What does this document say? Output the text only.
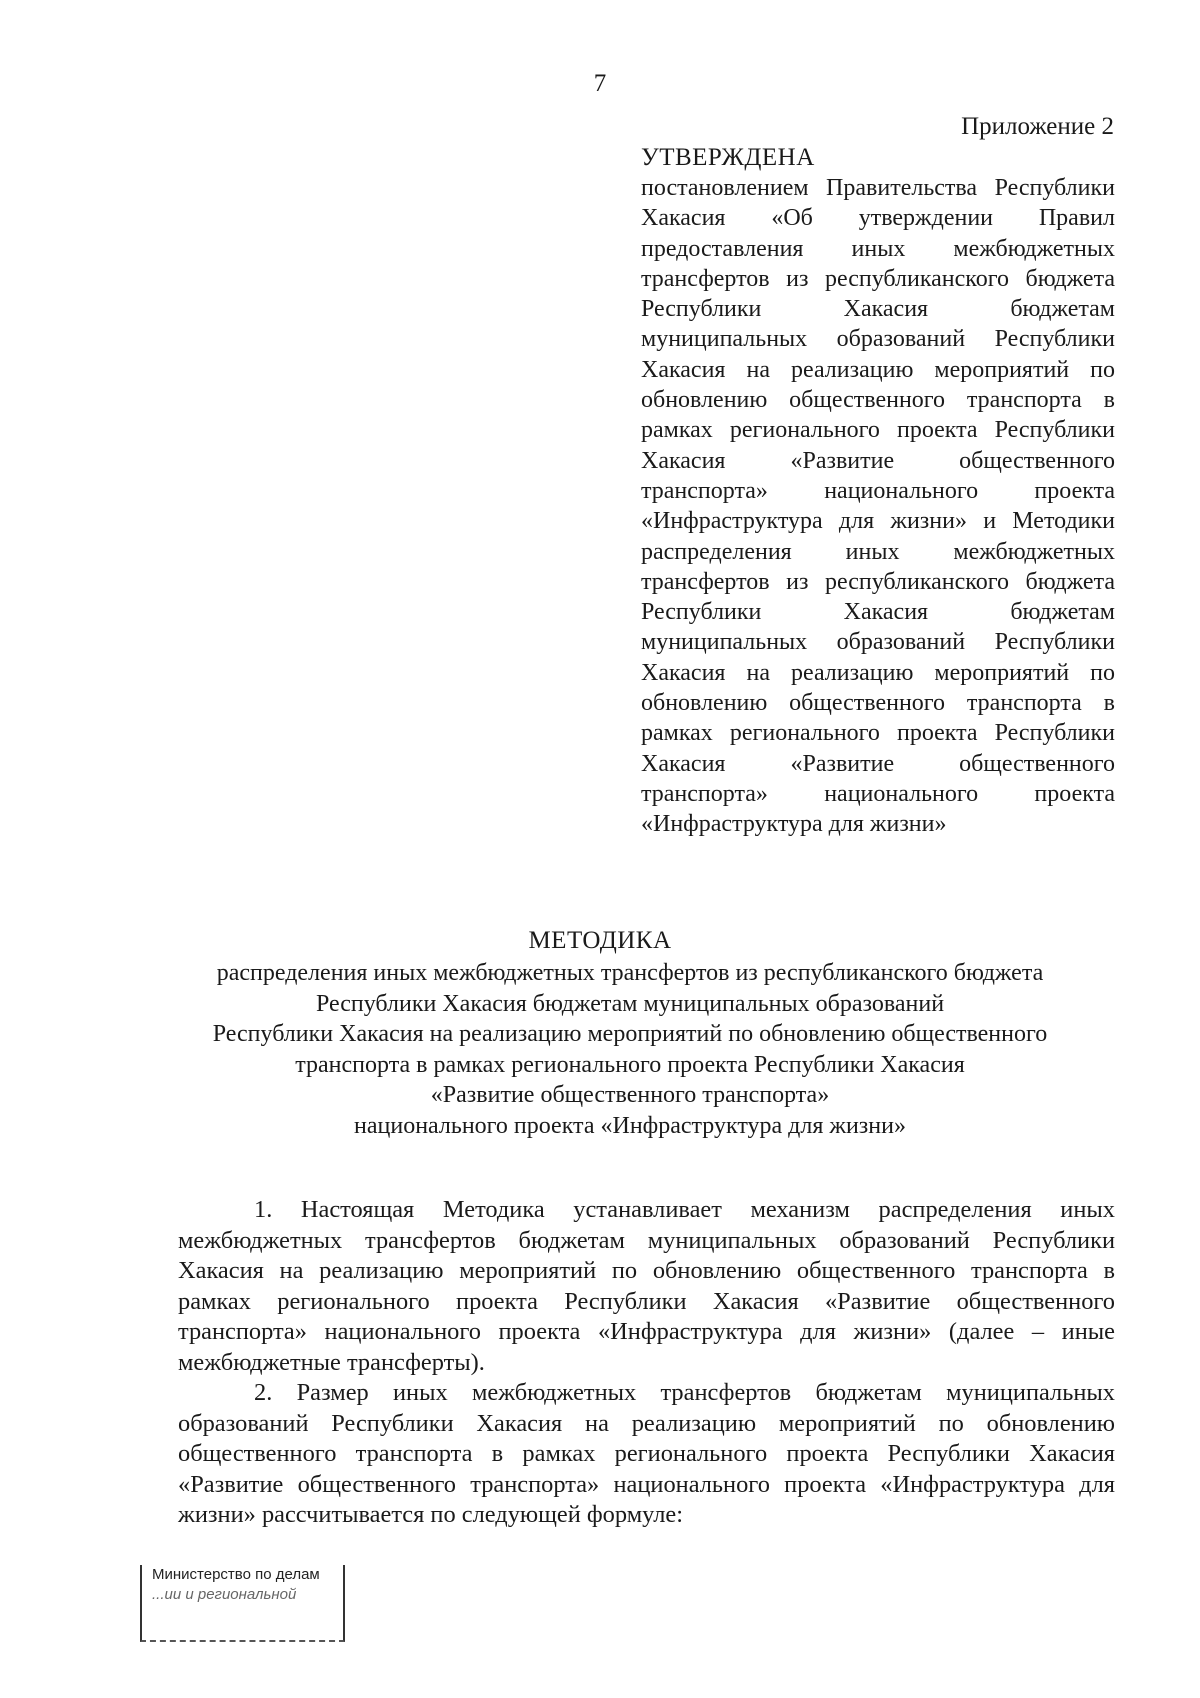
7
Приложение 2
УТВЕРЖДЕНА
постановлением Правительства Республики Хакасия «Об утверждении Правил предоставления иных межбюджетных трансфертов из республиканского бюджета Республики Хакасия бюджетам муниципальных образований Республики Хакасия на реализацию мероприятий по обновлению общественного транспорта в рамках регионального проекта Республики Хакасия «Развитие общественного транспорта» национального проекта «Инфраструктура для жизни» и Методики распределения иных межбюджетных трансфертов из республиканского бюджета Республики Хакасия бюджетам муниципальных образований Республики Хакасия на реализацию мероприятий по обновлению общественного транспорта в рамках регионального проекта Республики Хакасия «Развитие общественного транспорта» национального проекта «Инфраструктура для жизни»
МЕТОДИКА
распределения иных межбюджетных трансфертов из республиканского бюджета
Республики Хакасия бюджетам муниципальных образований
Республики Хакасия на реализацию мероприятий по обновлению общественного
транспорта в рамках регионального проекта Республики Хакасия
«Развитие общественного транспорта»
национального проекта «Инфраструктура для жизни»

1. Настоящая Методика устанавливает механизм распределения иных межбюджетных трансфертов бюджетам муниципальных образований Республики Хакасия на реализацию мероприятий по обновлению общественного транспорта в рамках регионального проекта Республики Хакасия «Развитие общественного транспорта» национального проекта «Инфраструктура для жизни» (далее – иные межбюджетные трансферты).

2. Размер иных межбюджетных трансфертов бюджетам муниципальных образований Республики Хакасия на реализацию мероприятий по обновлению общественного транспорта в рамках регионального проекта Республики Хакасия «Развитие общественного транспорта» национального проекта «Инфраструктура для жизни» рассчитывается по следующей формуле:

Министерство по делам
...ии и региональной
